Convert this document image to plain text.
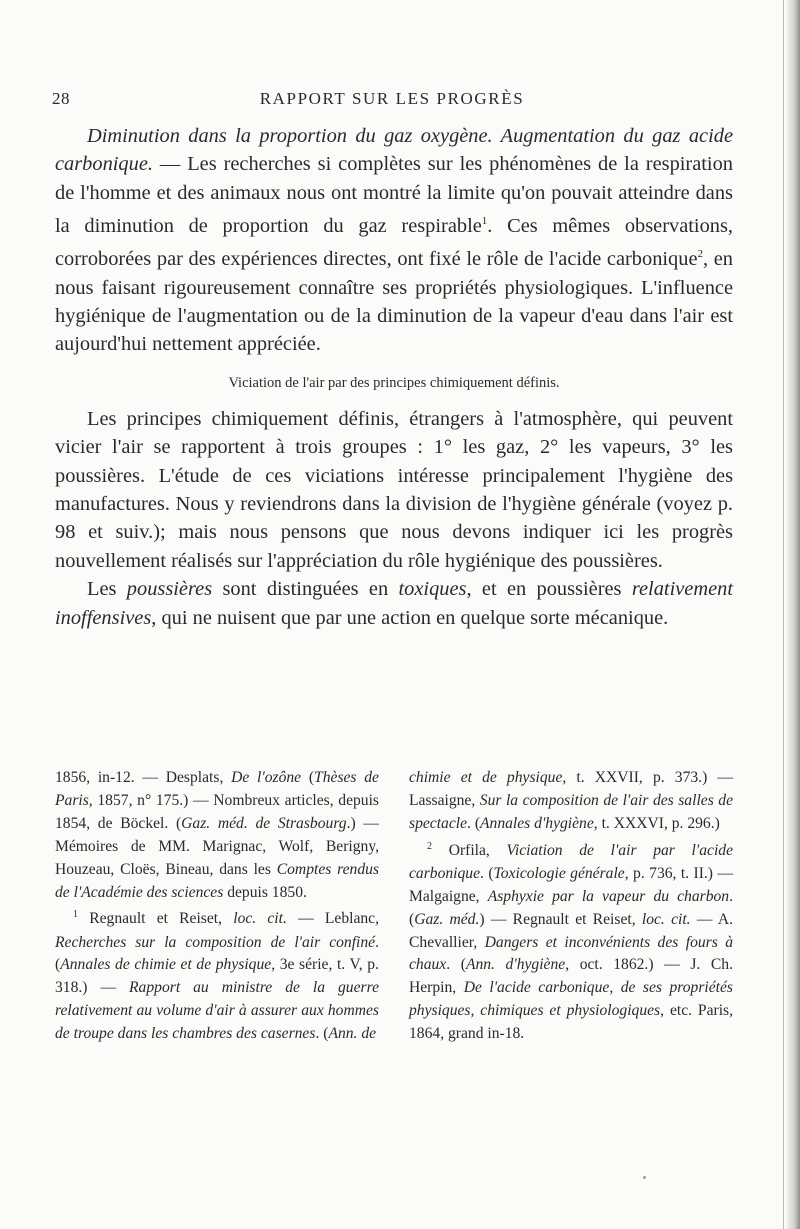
28	RAPPORT SUR LES PROGRÈS

Diminution dans la proportion du gaz oxygène. Augmentation du gaz acide carbonique. — Les recherches si complètes sur les phénomènes de la respiration de l'homme et des animaux nous ont montré la limite qu'on pouvait atteindre dans la diminution de proportion du gaz respirable$^1$. Ces mêmes observations, corroborées par des expériences directes, ont fixé le rôle de l'acide carbonique$^2$, en nous faisant rigoureusement connaître ses propriétés physiologiques. L'influence hygiénique de l'augmentation ou de la diminution de la vapeur d'eau dans l'air est aujourd'hui nettement appréciée.

Viciation de l'air par des principes chimiquement définis.

Les principes chimiquement définis, étrangers à l'atmosphère, qui peuvent vicier l'air se rapportent à trois groupes : 1° les gaz, 2° les vapeurs, 3° les poussières. L'étude de ces viciations intéresse principalement l'hygiène des manufactures. Nous y reviendrons dans la division de l'hygiène générale (voyez p. 98 et suiv.); mais nous pensons que nous devons indiquer ici les progrès nouvellement réalisés sur l'appréciation du rôle hygiénique des poussières.

Les poussières sont distinguées en toxiques, et en poussières relativement inoffensives, qui ne nuisent que par une action en quelque sorte mécanique.

1856, in-12. — Desplats, De l'ozône (Thèses de Paris, 1857, n° 175.) — Nombreux articles, depuis 1854, de Böckel. (Gaz. méd. de Strasbourg.) — Mémoires de MM. Marignac, Wolf, Berigny, Houzeau, Cloës, Bineau, dans les Comptes rendus de l'Académie des sciences depuis 1850.

$^1$ Regnault et Reiset, loc. cit. — Leblanc, Recherches sur la composition de l'air confiné. (Annales de chimie et de physique, 3e série, t. V, p. 318.) — Rapport au ministre de la guerre relativement au volume d'air à assurer aux hommes de troupe dans les chambres des casernes. (Ann. de

chimie et de physique, t. XXVII, p. 373.) — Lassaigne, Sur la composition de l'air des salles de spectacle. (Annales d'hygiène, t. XXXVI, p. 296.)

$^2$ Orfila, Viciation de l'air par l'acide carbonique. (Toxicologie générale, p. 736, t. II.) — Malgaigne, Asphyxie par la vapeur du charbon. (Gaz. méd.) — Regnault et Reiset, loc. cit. — A. Chevallier, Dangers et inconvénients des fours à chaux. (Ann. d'hygiène, oct. 1862.) — J. Ch. Herpin, De l'acide carbonique, de ses propriétés physiques, chimiques et physiologiques, etc. Paris, 1864, grand in-18.
